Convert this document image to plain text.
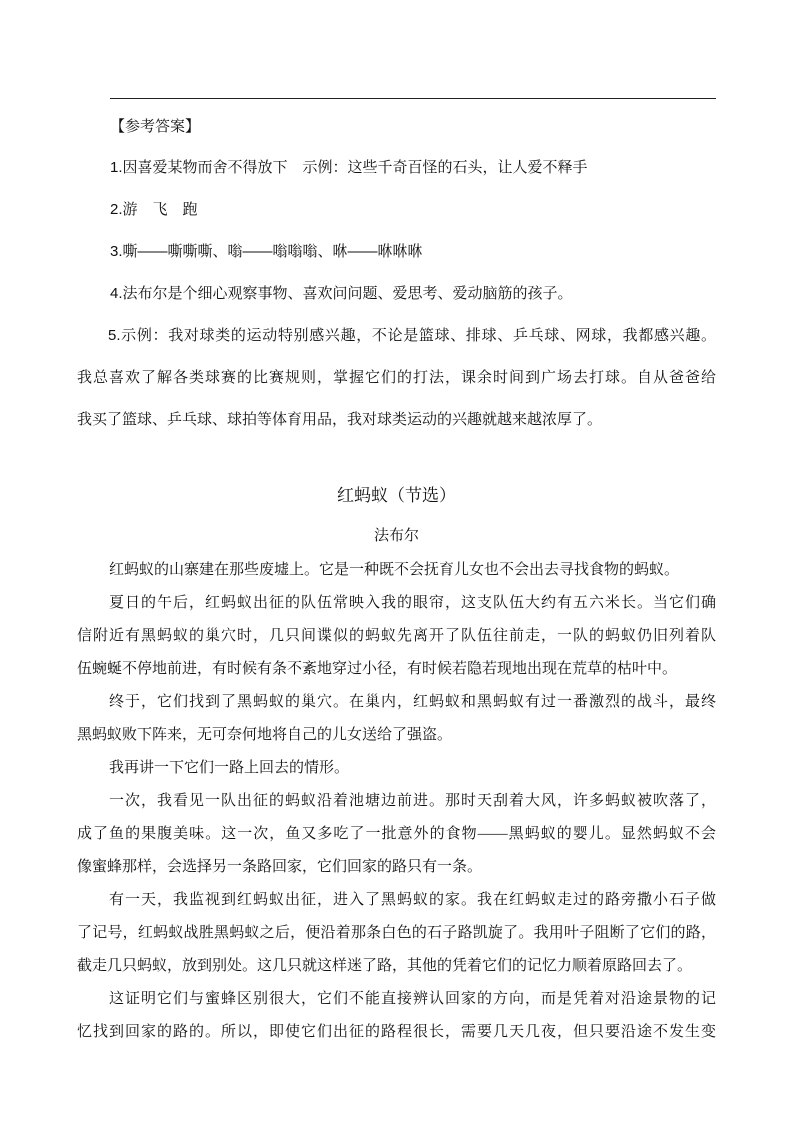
【参考答案】
1.因喜爱某物而舍不得放下　示例：这些千奇百怪的石头，让人爱不释手
2.游　飞　跑
3.嘶——嘶嘶嘶、嗡——嗡嗡嗡、咻——咻咻咻
4.法布尔是个细心观察事物、喜欢问问题、爱思考、爱动脑筋的孩子。
5.示例：我对球类的运动特别感兴趣，不论是篮球、排球、乒乓球、网球，我都感兴趣。
我总喜欢了解各类球赛的比赛规则，掌握它们的打法，课余时间到广场去打球。自从爸爸给
我买了篮球、乒乓球、球拍等体育用品，我对球类运动的兴趣就越来越浓厚了。
红蚂蚁（节选）
法布尔
红蚂蚁的山寨建在那些废墟上。它是一种既不会抚育儿女也不会出去寻找食物的蚂蚁。
夏日的午后，红蚂蚁出征的队伍常映入我的眼帘，这支队伍大约有五六米长。当它们确
信附近有黑蚂蚁的巢穴时，几只间谍似的蚂蚁先离开了队伍往前走，一队的蚂蚁仍旧列着队
伍蜿蜒不停地前进，有时候有条不紊地穿过小径，有时候若隐若现地出现在荒草的枯叶中。
终于，它们找到了黑蚂蚁的巢穴。在巢内，红蚂蚁和黑蚂蚁有过一番激烈的战斗，最终
黑蚂蚁败下阵来，无可奈何地将自己的儿女送给了强盗。
我再讲一下它们一路上回去的情形。
一次，我看见一队出征的蚂蚁沿着池塘边前进。那时天刮着大风，许多蚂蚁被吹落了，
成了鱼的果腹美味。这一次，鱼又多吃了一批意外的食物——黑蚂蚁的婴儿。显然蚂蚁不会
像蜜蜂那样，会选择另一条路回家，它们回家的路只有一条。
有一天，我监视到红蚂蚁出征，进入了黑蚂蚁的家。我在红蚂蚁走过的路旁撒小石子做
了记号，红蚂蚁战胜黑蚂蚁之后，便沿着那条白色的石子路凯旋了。我用叶子阻断了它们的路，
截走几只蚂蚁，放到别处。这几只就这样迷了路，其他的凭着它们的记忆力顺着原路回去了。
这证明它们与蜜蜂区别很大，它们不能直接辨认回家的方向，而是凭着对沿途景物的记
忆找到回家的路的。所以，即使它们出征的路程很长，需要几天几夜，但只要沿途不发生变
